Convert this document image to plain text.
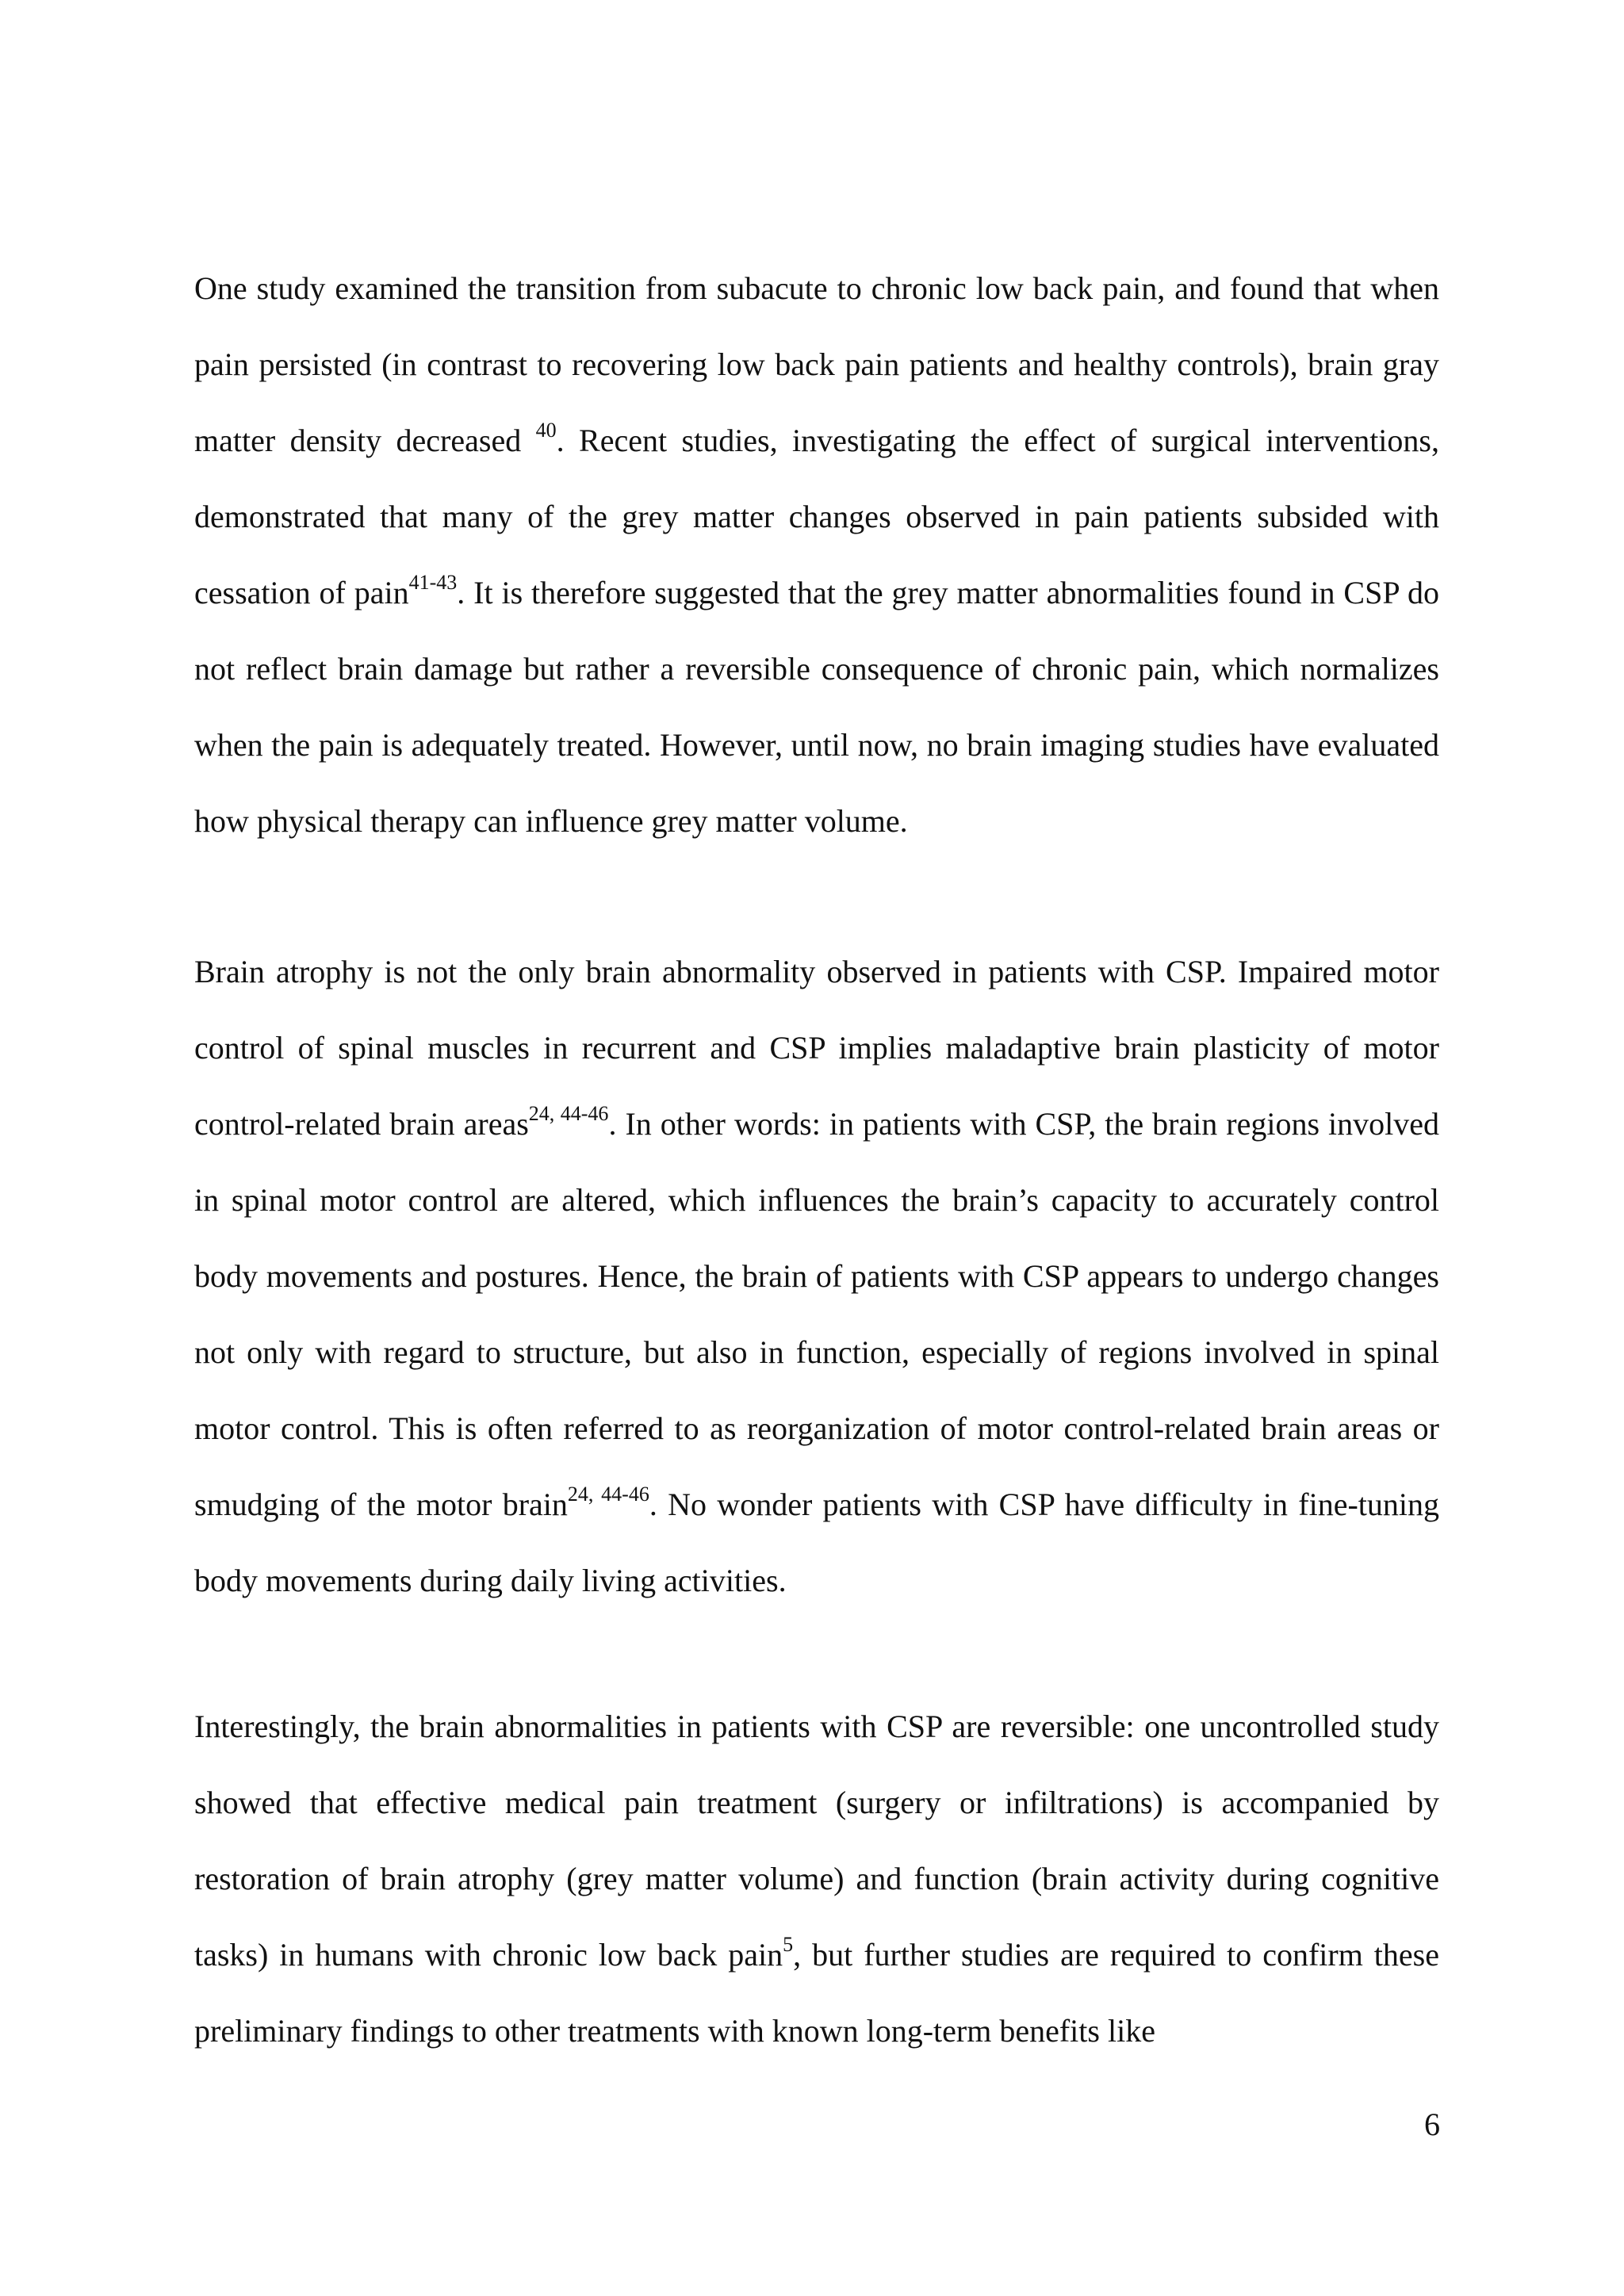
One study examined the transition from subacute to chronic low back pain, and found that when pain persisted (in contrast to recovering low back pain patients and healthy controls), brain gray matter density decreased $^{40}$. Recent studies, investigating the effect of surgical interventions, demonstrated that many of the grey matter changes observed in pain patients subsided with cessation of pain$^{41-43}$. It is therefore suggested that the grey matter abnormalities found in CSP do not reflect brain damage but rather a reversible consequence of chronic pain, which normalizes when the pain is adequately treated. However, until now, no brain imaging studies have evaluated how physical therapy can influence grey matter volume.

Brain atrophy is not the only brain abnormality observed in patients with CSP. Impaired motor control of spinal muscles in recurrent and CSP implies maladaptive brain plasticity of motor control-related brain areas$^{24, 44-46}$. In other words: in patients with CSP, the brain regions involved in spinal motor control are altered, which influences the brain’s capacity to accurately control body movements and postures. Hence, the brain of patients with CSP appears to undergo changes not only with regard to structure, but also in function, especially of regions involved in spinal motor control. This is often referred to as reorganization of motor control-related brain areas or smudging of the motor brain$^{24, 44-46}$. No wonder patients with CSP have difficulty in fine-tuning body movements during daily living activities.

Interestingly, the brain abnormalities in patients with CSP are reversible: one uncontrolled study showed that effective medical pain treatment (surgery or infiltrations) is accompanied by restoration of brain atrophy (grey matter volume) and function (brain activity during cognitive tasks) in humans with chronic low back pain$^5$, but further studies are required to confirm these preliminary findings to other treatments with known long-term benefits like

6
